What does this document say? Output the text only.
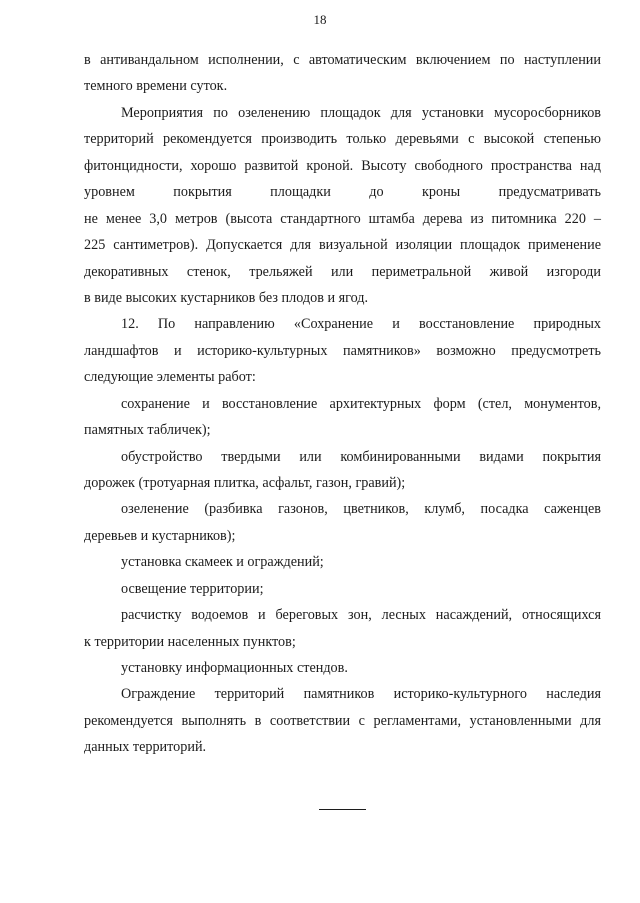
18
в антивандальном исполнении, с автоматическим включением по наступлении
темного времени суток.
Мероприятия по озеленению площадок для установки мусоросборников
территорий рекомендуется производить только деревьями с высокой степенью
фитонцидности, хорошо развитой кроной. Высоту свободного пространства над
уровнем покрытия площадки до кроны предусматривать
не менее 3,0 метров (высота стандартного штамба дерева из питомника 220 –
225 сантиметров). Допускается для визуальной изоляции площадок применение
декоративных стенок, трельяжей или периметральной живой изгороди
в виде высоких кустарников без плодов и ягод.
12. По направлению «Сохранение и восстановление природных
ландшафтов и историко-культурных памятников» возможно предусмотреть
следующие элементы работ:
сохранение и восстановление архитектурных форм (стел, монументов,
памятных табличек);
обустройство твердыми или комбинированными видами покрытия
дорожек (тротуарная плитка, асфальт, газон, гравий);
озеленение (разбивка газонов, цветников, клумб, посадка саженцев
деревьев и кустарников);
установка скамеек и ограждений;
освещение территории;
расчистку водоемов и береговых зон, лесных насаждений, относящихся
к территории населенных пунктов;
установку информационных стендов.
Ограждение территорий памятников историко-культурного наследия
рекомендуется выполнять в соответствии с регламентами, установленными для
данных территорий.
